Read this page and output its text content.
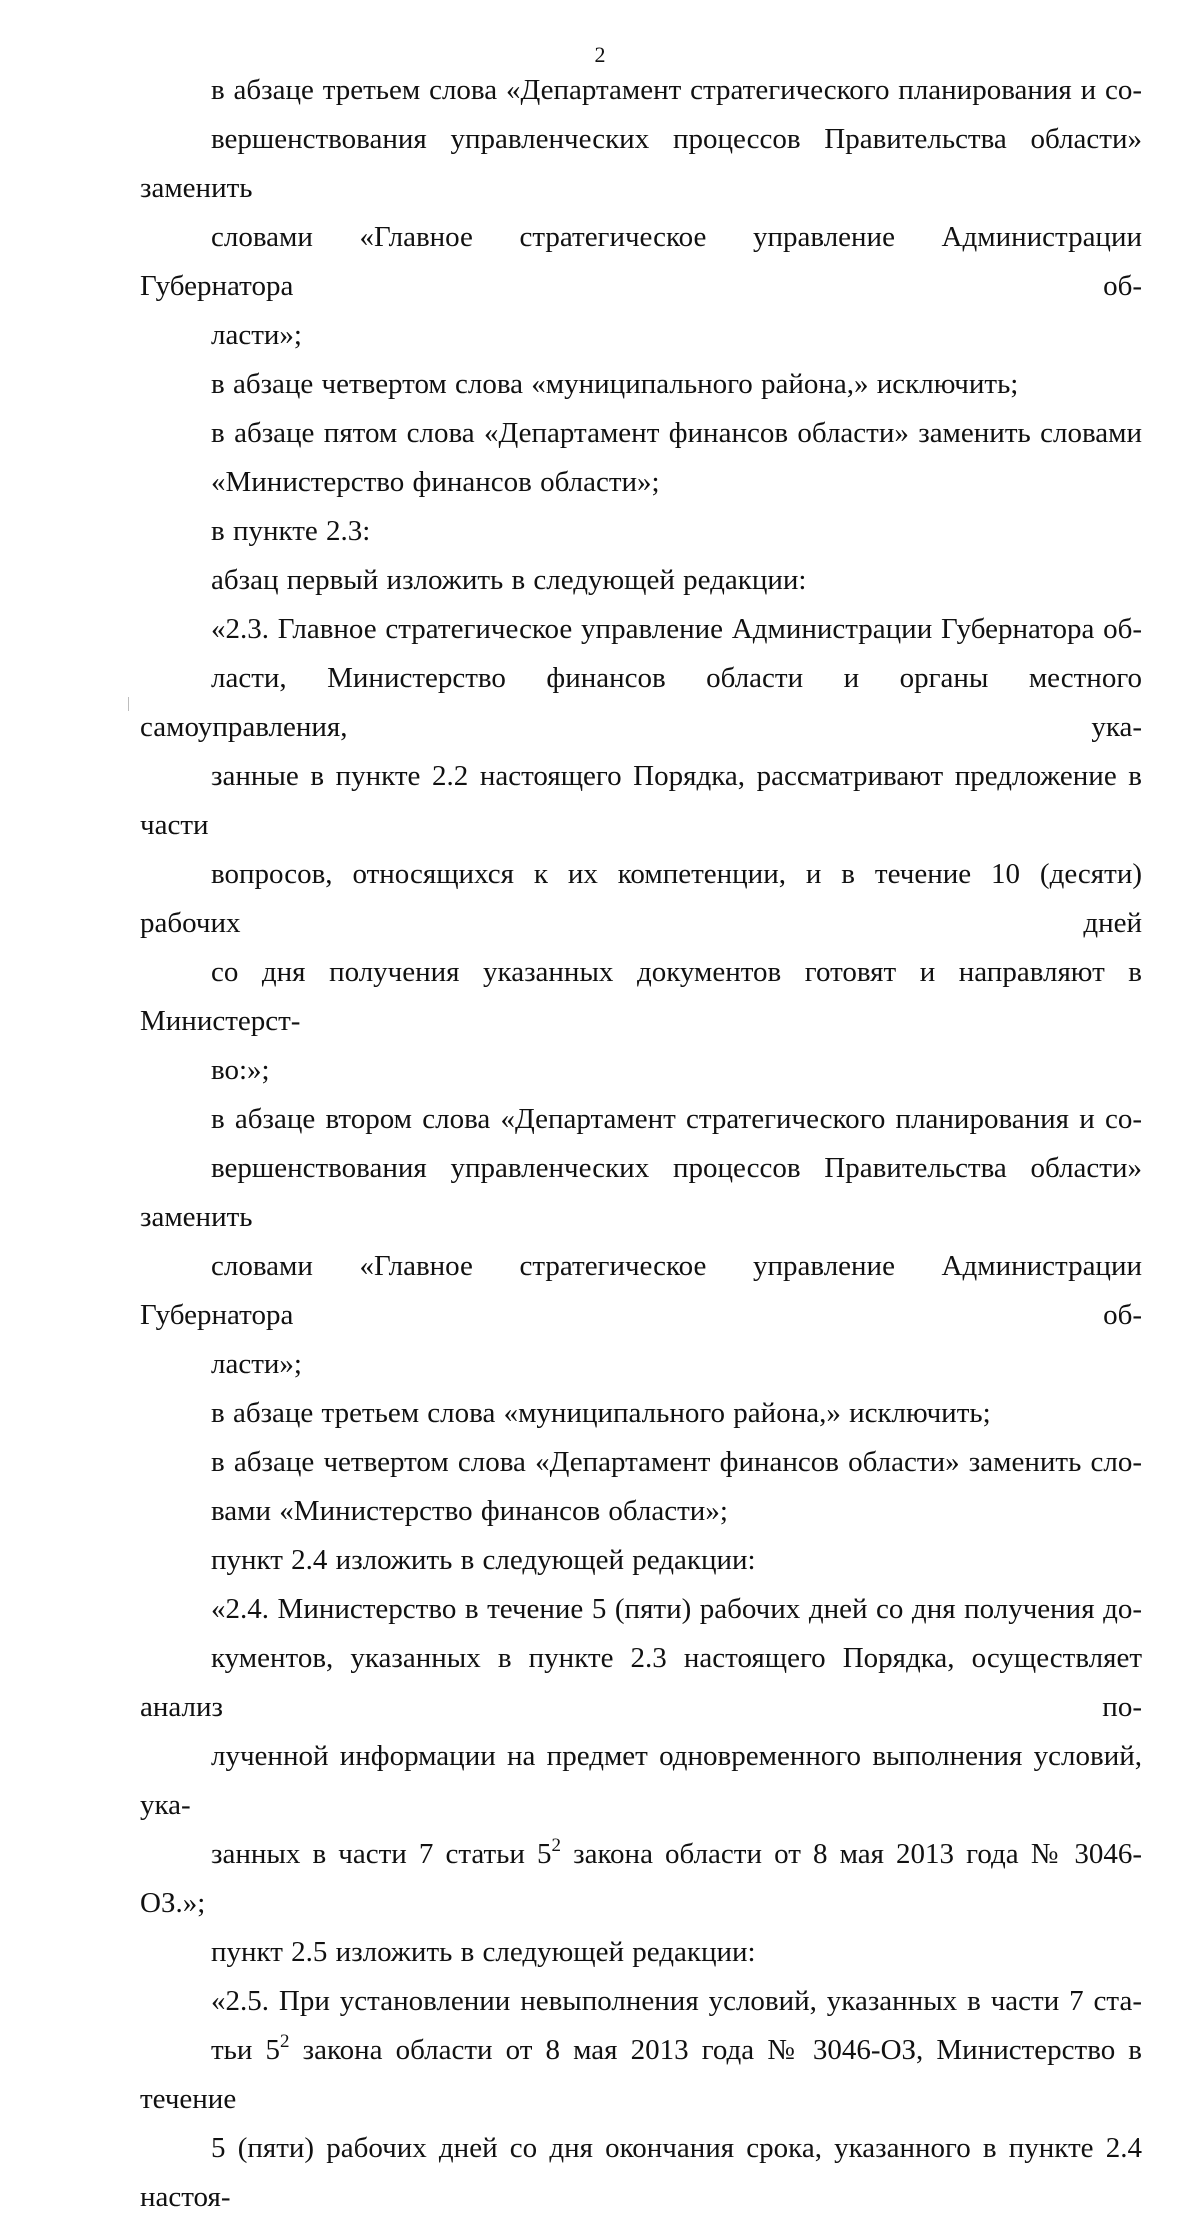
2

в абзаце третьем слова «Департамент стратегического планирования и со-
вершенствования управленческих процессов Правительства области» заменить
словами «Главное стратегическое управление Администрации Губернатора об-
ласти»;

в абзаце четвертом слова «муниципального района,» исключить;

в абзаце пятом слова «Департамент финансов области» заменить словами
«Министерство финансов области»;

в пункте 2.3:

абзац первый изложить в следующей редакции:

«2.3. Главное стратегическое управление Администрации Губернатора об-
ласти, Министерство финансов области и органы местного самоуправления, ука-
занные в пункте 2.2 настоящего Порядка, рассматривают предложение в части
вопросов, относящихся к их компетенции, и в течение 10 (десяти) рабочих дней
со дня получения указанных документов готовят и направляют в Министерст-
во:»;

в абзаце втором слова «Департамент стратегического планирования и со-
вершенствования управленческих процессов Правительства области» заменить
словами «Главное стратегическое управление Администрации Губернатора об-
ласти»;

в абзаце третьем слова «муниципального района,» исключить;

в абзаце четвертом слова «Департамент финансов области» заменить сло-
вами «Министерство финансов области»;

пункт 2.4 изложить в следующей редакции:

«2.4. Министерство в течение 5 (пяти) рабочих дней со дня получения до-
кументов, указанных в пункте 2.3 настоящего Порядка, осуществляет анализ по-
лученной информации на предмет одновременного выполнения условий, ука-
занных в части 7 статьи $5^2$ закона области от 8 мая 2013 года № 3046-ОЗ.»;

пункт 2.5 изложить в следующей редакции:

«2.5. При установлении невыполнения условий, указанных в части 7 ста-
тьи $5^2$ закона области от 8 мая 2013 года № 3046-ОЗ, Министерство в течение
5 (пяти) рабочих дней со дня окончания срока, указанного в пункте 2.4 настоя-
